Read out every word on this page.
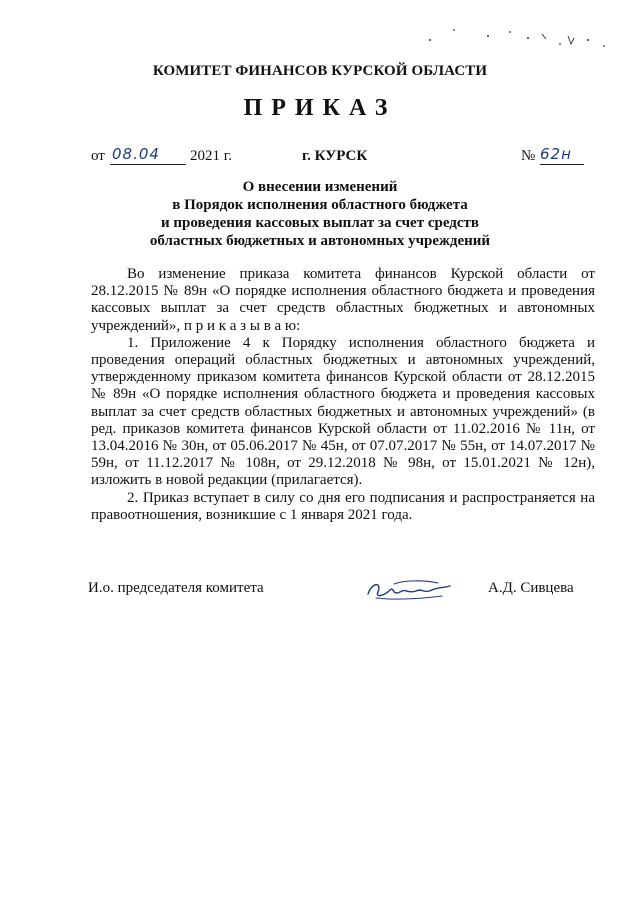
КОМИТЕТ ФИНАНСОВ КУРСКОЙ ОБЛАСТИ
ПРИКАЗ
от 08.04 2021 г.	г. КУРСК	№ 62н
О внесении изменений
в Порядок исполнения областного бюджета
и проведения кассовых выплат за счет средств
областных бюджетных и автономных учреждений

Во изменение приказа комитета финансов Курской области от 28.12.2015 № 89н «О порядке исполнения областного бюджета и проведения кассовых выплат за счет средств областных бюджетных и автономных учреждений», п р и к а з ы в а ю:

1. Приложение 4 к Порядку исполнения областного бюджета и проведения операций областных бюджетных и автономных учреждений, утвержденному приказом комитета финансов Курской области от 28.12.2015 № 89н «О порядке исполнения областного бюджета и проведения кассовых выплат за счет средств областных бюджетных и автономных учреждений» (в ред. приказов комитета финансов Курской области от 11.02.2016 № 11н, от 13.04.2016 № 30н, от 05.06.2017 № 45н, от 07.07.2017 № 55н, от 14.07.2017 № 59н, от 11.12.2017 № 108н, от 29.12.2018 № 98н, от 15.01.2021 № 12н), изложить в новой редакции (прилагается).

2. Приказ вступает в силу со дня его подписания и распространяется на правоотношения, возникшие с 1 января 2021 года.

И.о. председателя комитета	А.Д. Сивцева
